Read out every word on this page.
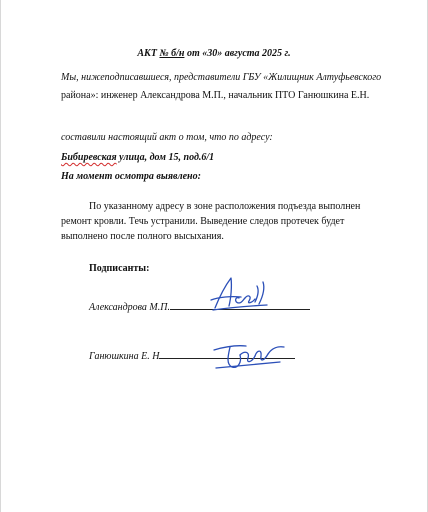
АКТ № б/н от «30» августа 2025 г.
Мы, нижеподписавшиеся, представители ГБУ «Жилищник Алтуфьевского
района»: инженер Александрова М.П., начальник ПТО Ганюшкина Е.Н.
составили настоящий акт о том, что по адресу:
Бибиревская улица, дом 15, под.6/1
На момент осмотра выявлено:
По указанному адресу в зоне расположения подъезда выполнен ремонт кровли. Течь устранили. Выведение следов протечек будет выполнено после полного высыхания.
Подписанты:
Александрова М.П.
Ганюшкина Е. Н
